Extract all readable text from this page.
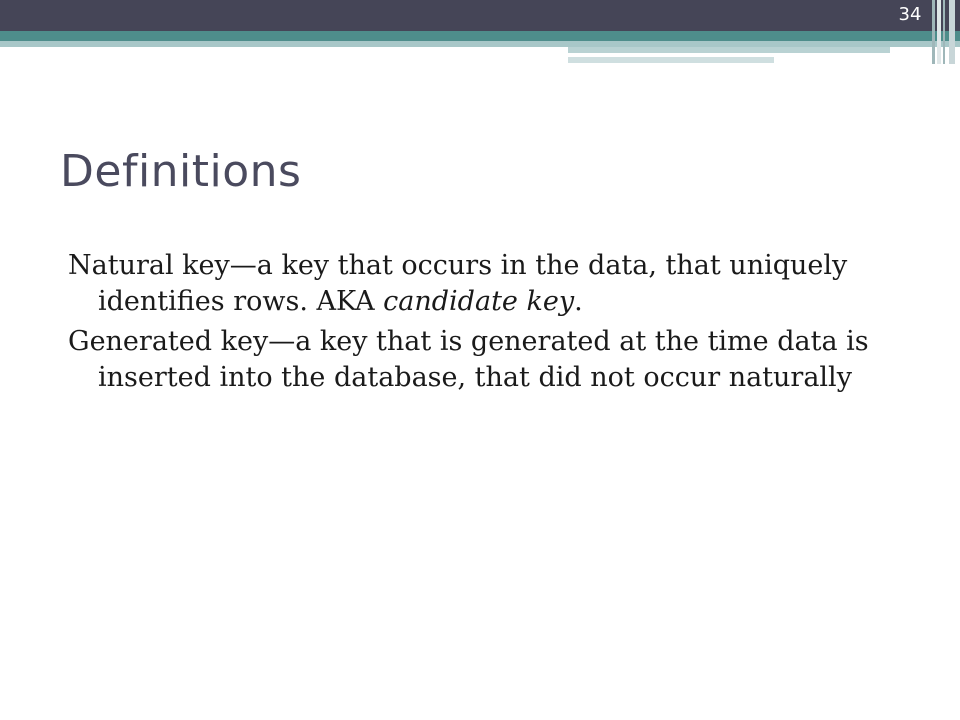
34
Definitions
Natural key—a key that occurs in the data, that uniquely identifies rows. AKA candidate key.
Generated key—a key that is generated at the time data is inserted into the database, that did not occur naturally
